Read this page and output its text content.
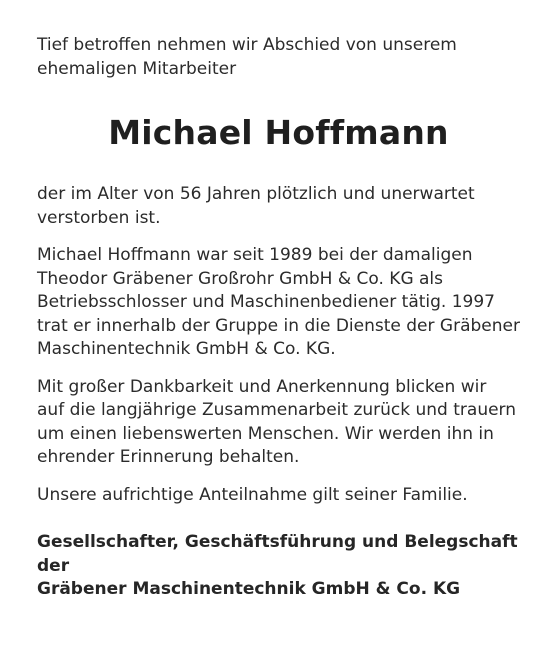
Tief betroffen nehmen wir Abschied von unserem
ehemaligen Mitarbeiter

Michael Hoffmann

der im Alter von 56 Jahren plötzlich und unerwartet
verstorben ist.

Michael Hoffmann war seit 1989 bei der damaligen
Theodor Gräbener Großrohr GmbH & Co. KG als
Betriebsschlosser und Maschinenbediener tätig. 1997
trat er innerhalb der Gruppe in die Dienste der Gräbener
Maschinentechnik GmbH & Co. KG.

Mit großer Dankbarkeit und Anerkennung blicken wir
auf die langjährige Zusammenarbeit zurück und trauern
um einen liebenswerten Menschen. Wir werden ihn in
ehrender Erinnerung behalten.

Unsere aufrichtige Anteilnahme gilt seiner Familie.

Gesellschafter, Geschäftsführung und Belegschaft der
Gräbener Maschinentechnik GmbH & Co. KG
